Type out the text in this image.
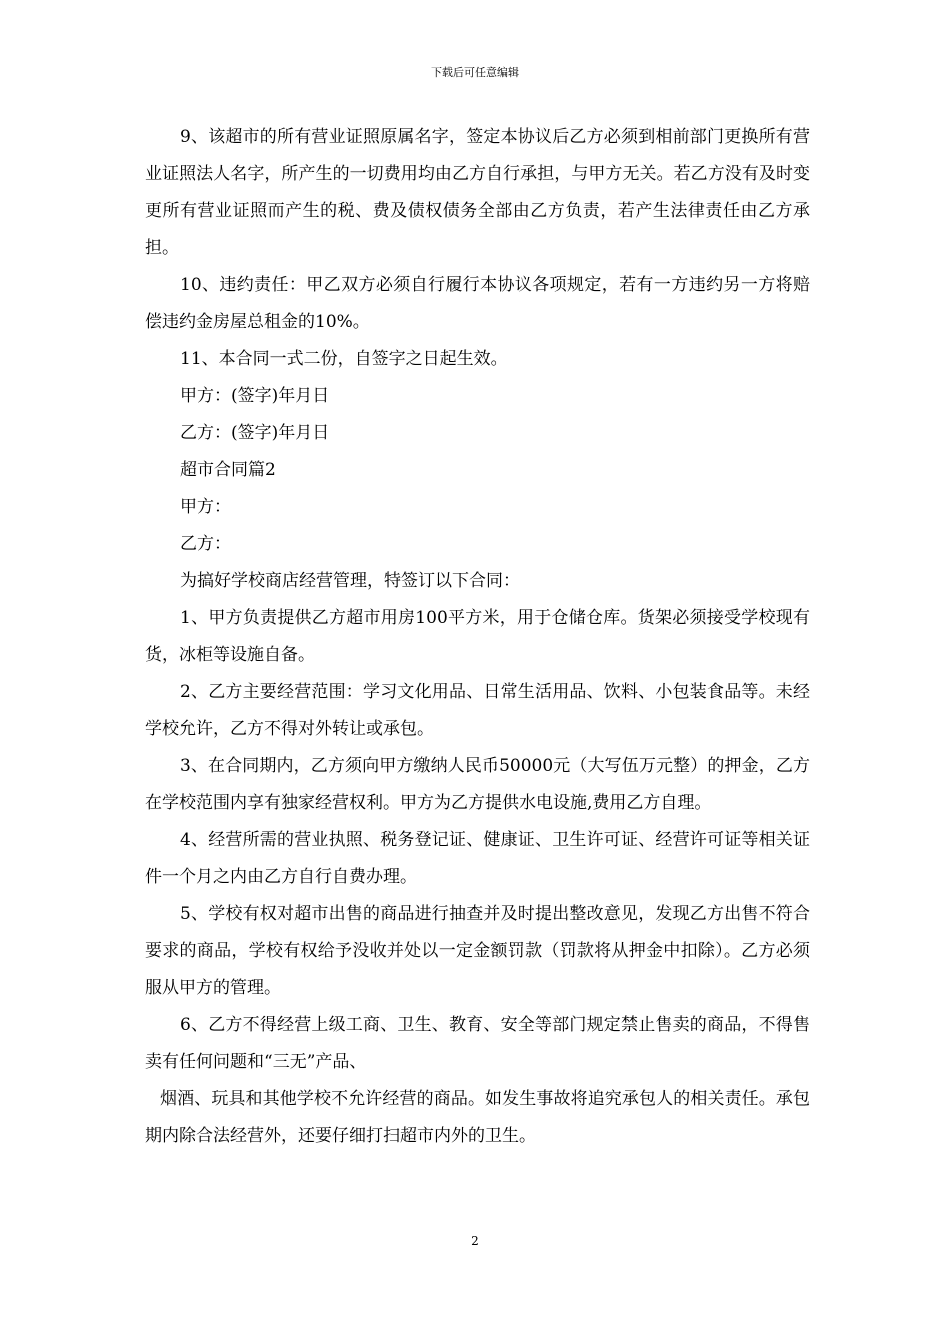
下载后可任意编辑

9、该超市的所有营业证照原属名字，签定本协议后乙方必须到相前部门更换所有营业证照法人名字，所产生的一切费用均由乙方自行承担，与甲方无关。若乙方没有及时变更所有营业证照而产生的税、费及债权债务全部由乙方负责，若产生法律责任由乙方承担。

10、违约责任：甲乙双方必须自行履行本协议各项规定，若有一方违约另一方将赔偿违约金房屋总租金的10%。

11、本合同一式二份，自签字之日起生效。

甲方：(签字)年月日

乙方：(签字)年月日

超市合同篇2

甲方：

乙方：

为搞好学校商店经营管理，特签订以下合同：

1、甲方负责提供乙方超市用房100平方米，用于仓储仓库。货架必须接受学校现有货，冰柜等设施自备。

2、乙方主要经营范围：学习文化用品、日常生活用品、饮料、小包装食品等。未经学校允许，乙方不得对外转让或承包。

3、在合同期内，乙方须向甲方缴纳人民币50000元（大写伍万元整）的押金，乙方在学校范围内享有独家经营权利。甲方为乙方提供水电设施,费用乙方自理。

4、经营所需的营业执照、税务登记证、健康证、卫生许可证、经营许可证等相关证件一个月之内由乙方自行自费办理。

5、学校有权对超市出售的商品进行抽查并及时提出整改意见，发现乙方出售不符合要求的商品，学校有权给予没收并处以一定金额罚款（罚款将从押金中扣除）。乙方必须服从甲方的管理。

6、乙方不得经营上级工商、卫生、教育、安全等部门规定禁止售卖的商品，不得售卖有任何问题和“三无”产品、

烟酒、玩具和其他学校不允许经营的商品。如发生事故将追究承包人的相关责任。承包期内除合法经营外，还要仔细打扫超市内外的卫生。

2
